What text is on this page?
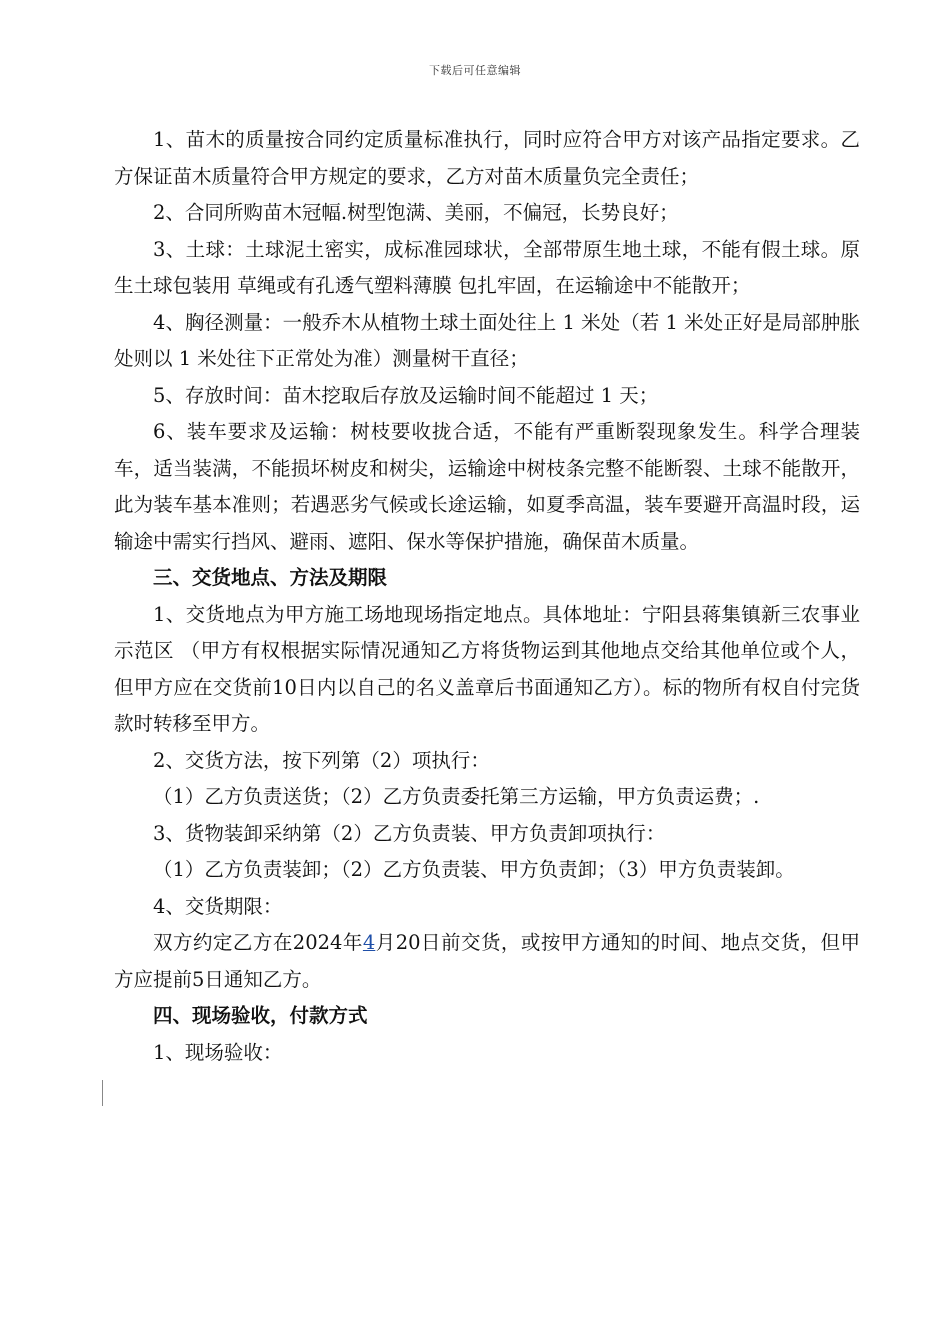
下载后可任意编辑

1、苗木的质量按合同约定质量标准执行，同时应符合甲方对该产品指定要求。乙方保证苗木质量符合甲方规定的要求，乙方对苗木质量负完全责任；

2、合同所购苗木冠幅.树型饱满、美丽，不偏冠，长势良好；

3、土球：土球泥土密实，成标准园球状，全部带原生地土球，不能有假土球。原生土球包装用 草绳或有孔透气塑料薄膜 包扎牢固，在运输途中不能散开；

4、胸径测量：一般乔木从植物土球土面处往上 1 米处（若 1 米处正好是局部肿胀处则以 1 米处往下正常处为准）测量树干直径；

5、存放时间：苗木挖取后存放及运输时间不能超过 1 天；

6、装车要求及运输：树枝要收拢合适，不能有严重断裂现象发生。科学合理装车，适当装满，不能损坏树皮和树尖，运输途中树枝条完整不能断裂、土球不能散开，此为装车基本准则；若遇恶劣气候或长途运输，如夏季高温，装车要避开高温时段，运输途中需实行挡风、避雨、遮阳、保水等保护措施，确保苗木质量。

三、交货地点、方法及期限

1、交货地点为甲方施工场地现场指定地点。具体地址：宁阳县蒋集镇新三农事业示范区 （甲方有权根据实际情况通知乙方将货物运到其他地点交给其他单位或个人，但甲方应在交货前10日内以自己的名义盖章后书面通知乙方）。标的物所有权自付完货款时转移至甲方。

2、交货方法，按下列第（2）项执行：

（1）乙方负责送货；（2）乙方负责委托第三方运输，甲方负责运费；.

3、货物装卸采纳第（2）乙方负责装、甲方负责卸项执行：

（1）乙方负责装卸；（2）乙方负责装、甲方负责卸；（3）甲方负责装卸。

4、交货期限：

双方约定乙方在2024年4月20日前交货，或按甲方通知的时间、地点交货，但甲方应提前5日通知乙方。

四、现场验收，付款方式

1、现场验收：
